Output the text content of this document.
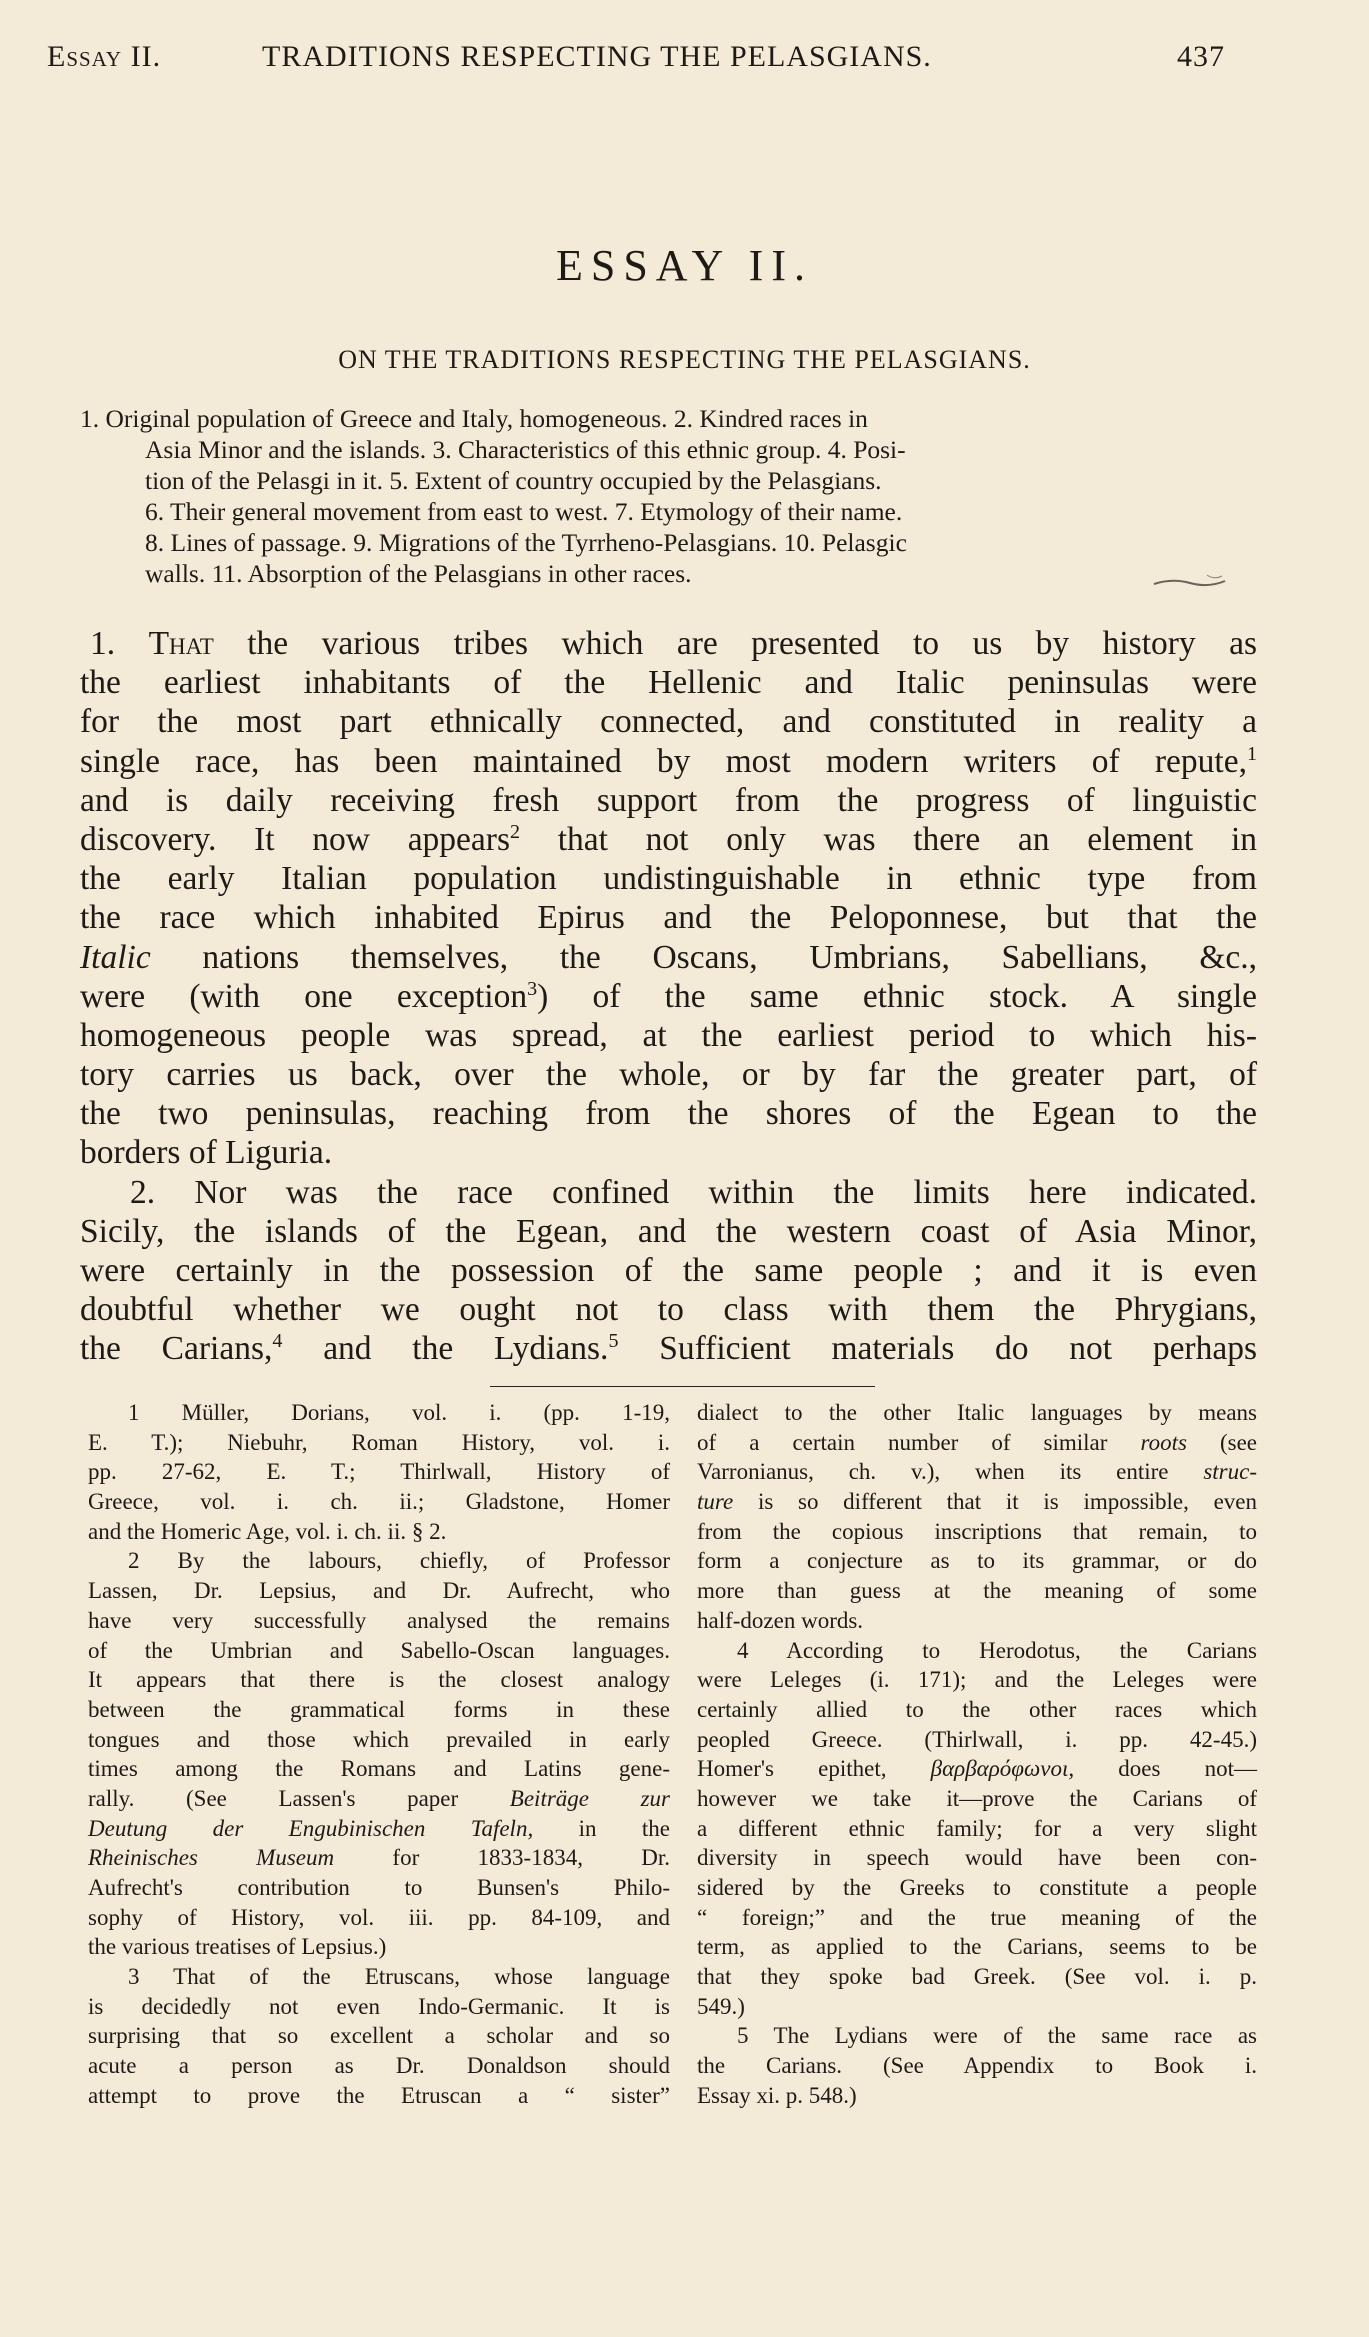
Essay II.	TRADITIONS RESPECTING THE PELASGIANS.	437
ESSAY II.
ON THE TRADITIONS RESPECTING THE PELASGIANS.
1. Original population of Greece and Italy, homogeneous. 2. Kindred races in
Asia Minor and the islands. 3. Characteristics of this ethnic group. 4. Posi-
tion of the Pelasgi in it. 5. Extent of country occupied by the Pelasgians.
6. Their general movement from east to west. 7. Etymology of their name.
8. Lines of passage. 9. Migrations of the Tyrrheno-Pelasgians. 10. Pelasgic
walls. 11. Absorption of the Pelasgians in other races.
1. That the various tribes which are presented to us by history as
the earliest inhabitants of the Hellenic and Italic peninsulas were
for the most part ethnically connected, and constituted in reality a
single race, has been maintained by most modern writers of repute,$^1$
and is daily receiving fresh support from the progress of linguistic
discovery. It now appears$^2$ that not only was there an element in
the early Italian population undistinguishable in ethnic type from
the race which inhabited Epirus and the Peloponnese, but that the
Italic nations themselves, the Oscans, Umbrians, Sabellians, &c.,
were (with one exception$^3$) of the same ethnic stock. A single
homogeneous people was spread, at the earliest period to which his-
tory carries us back, over the whole, or by far the greater part, of
the two peninsulas, reaching from the shores of the Egean to the
borders of Liguria.
2. Nor was the race confined within the limits here indicated.
Sicily, the islands of the Egean, and the western coast of Asia Minor,
were certainly in the possession of the same people ; and it is even
doubtful whether we ought not to class with them the Phrygians,
the Carians,$^4$ and the Lydians.$^5$ Sufficient materials do not perhaps
1 Müller, Dorians, vol. i. (pp. 1-19,
E. T.); Niebuhr, Roman History, vol. i.
pp. 27-62, E. T.; Thirlwall, History of
Greece, vol. i. ch. ii.; Gladstone, Homer
and the Homeric Age, vol. i. ch. ii. § 2.
2 By the labours, chiefly, of Professor
Lassen, Dr. Lepsius, and Dr. Aufrecht, who
have very successfully analysed the remains
of the Umbrian and Sabello-Oscan languages.
It appears that there is the closest analogy
between the grammatical forms in these
tongues and those which prevailed in early
times among the Romans and Latins gene-
rally. (See Lassen's paper Beiträge zur
Deutung der Engubinischen Tafeln, in the
Rheinisches Museum	for 1833-1834, Dr.
Aufrecht's contribution to Bunsen's Philo-
sophy of History, vol. iii. pp. 84-109, and
the various treatises of Lepsius.)
3 That of the Etruscans, whose language
is decidedly not even Indo-Germanic. It is
surprising that so excellent a scholar and so
acute a person as Dr. Donaldson should
attempt to prove the Etruscan a “ sister”
dialect to the other Italic languages by means
of a certain number of similar roots (see
Varronianus, ch. v.), when its entire struc-
ture is so different that it is impossible, even
from the copious inscriptions that remain, to
form a conjecture as to its grammar, or do
more than guess at the meaning of some
half-dozen words.
4 According to Herodotus, the Carians
were Leleges (i. 171); and the Leleges were
certainly allied to the other races which
peopled Greece. (Thirlwall, i. pp. 42-45.)
Homer's epithet, βαρβαρόφωνοι, does not—
however we take it—prove the Carians of
a different ethnic family; for a very slight
diversity in speech would have been con-
sidered by the Greeks to constitute a people
“ foreign;” and the true meaning of the
term, as applied to the Carians, seems to be
that they spoke bad Greek. (See vol. i. p.
549.)
5 The Lydians were of the same race as
the Carians. (See Appendix to Book i.
Essay xi. p. 548.)
